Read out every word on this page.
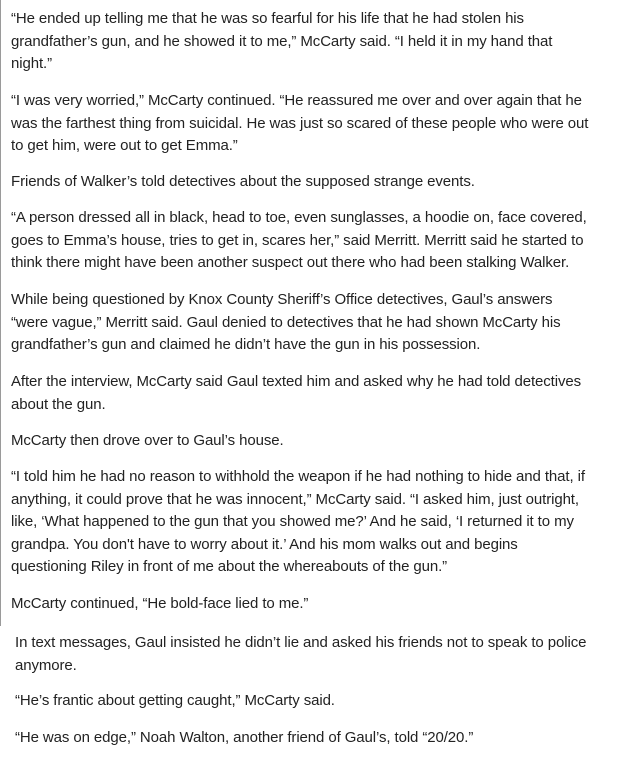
“He ended up telling me that he was so fearful for his life that he had stolen his
grandfather’s gun, and he showed it to me,” McCarty said. “I held it in my hand that
night.”

“I was very worried,” McCarty continued. “He reassured me over and over again that he
was the farthest thing from suicidal. He was just so scared of these people who were out
to get him, were out to get Emma.”

Friends of Walker’s told detectives about the supposed strange events.

“A person dressed all in black, head to toe, even sunglasses, a hoodie on, face covered,
goes to Emma’s house, tries to get in, scares her,” said Merritt. Merritt said he started to
think there might have been another suspect out there who had been stalking Walker.

While being questioned by Knox County Sheriff’s Office detectives, Gaul’s answers
“were vague,” Merritt said. Gaul denied to detectives that he had shown McCarty his
grandfather’s gun and claimed he didn’t have the gun in his possession.

After the interview, McCarty said Gaul texted him and asked why he had told detectives
about the gun.

McCarty then drove over to Gaul’s house.

“I told him he had no reason to withhold the weapon if he had nothing to hide and that, if
anything, it could prove that he was innocent,” McCarty said. “I asked him, just outright,
like, ‘What happened to the gun that you showed me?’ And he said, ‘I returned it to my
grandpa. You don't have to worry about it.’ And his mom walks out and begins
questioning Riley in front of me about the whereabouts of the gun.”

McCarty continued, “He bold-face lied to me.”

In text messages, Gaul insisted he didn’t lie and asked his friends not to speak to police
anymore.

“He’s frantic about getting caught,” McCarty said.

“He was on edge,” Noah Walton, another friend of Gaul’s, told “20/20.”
